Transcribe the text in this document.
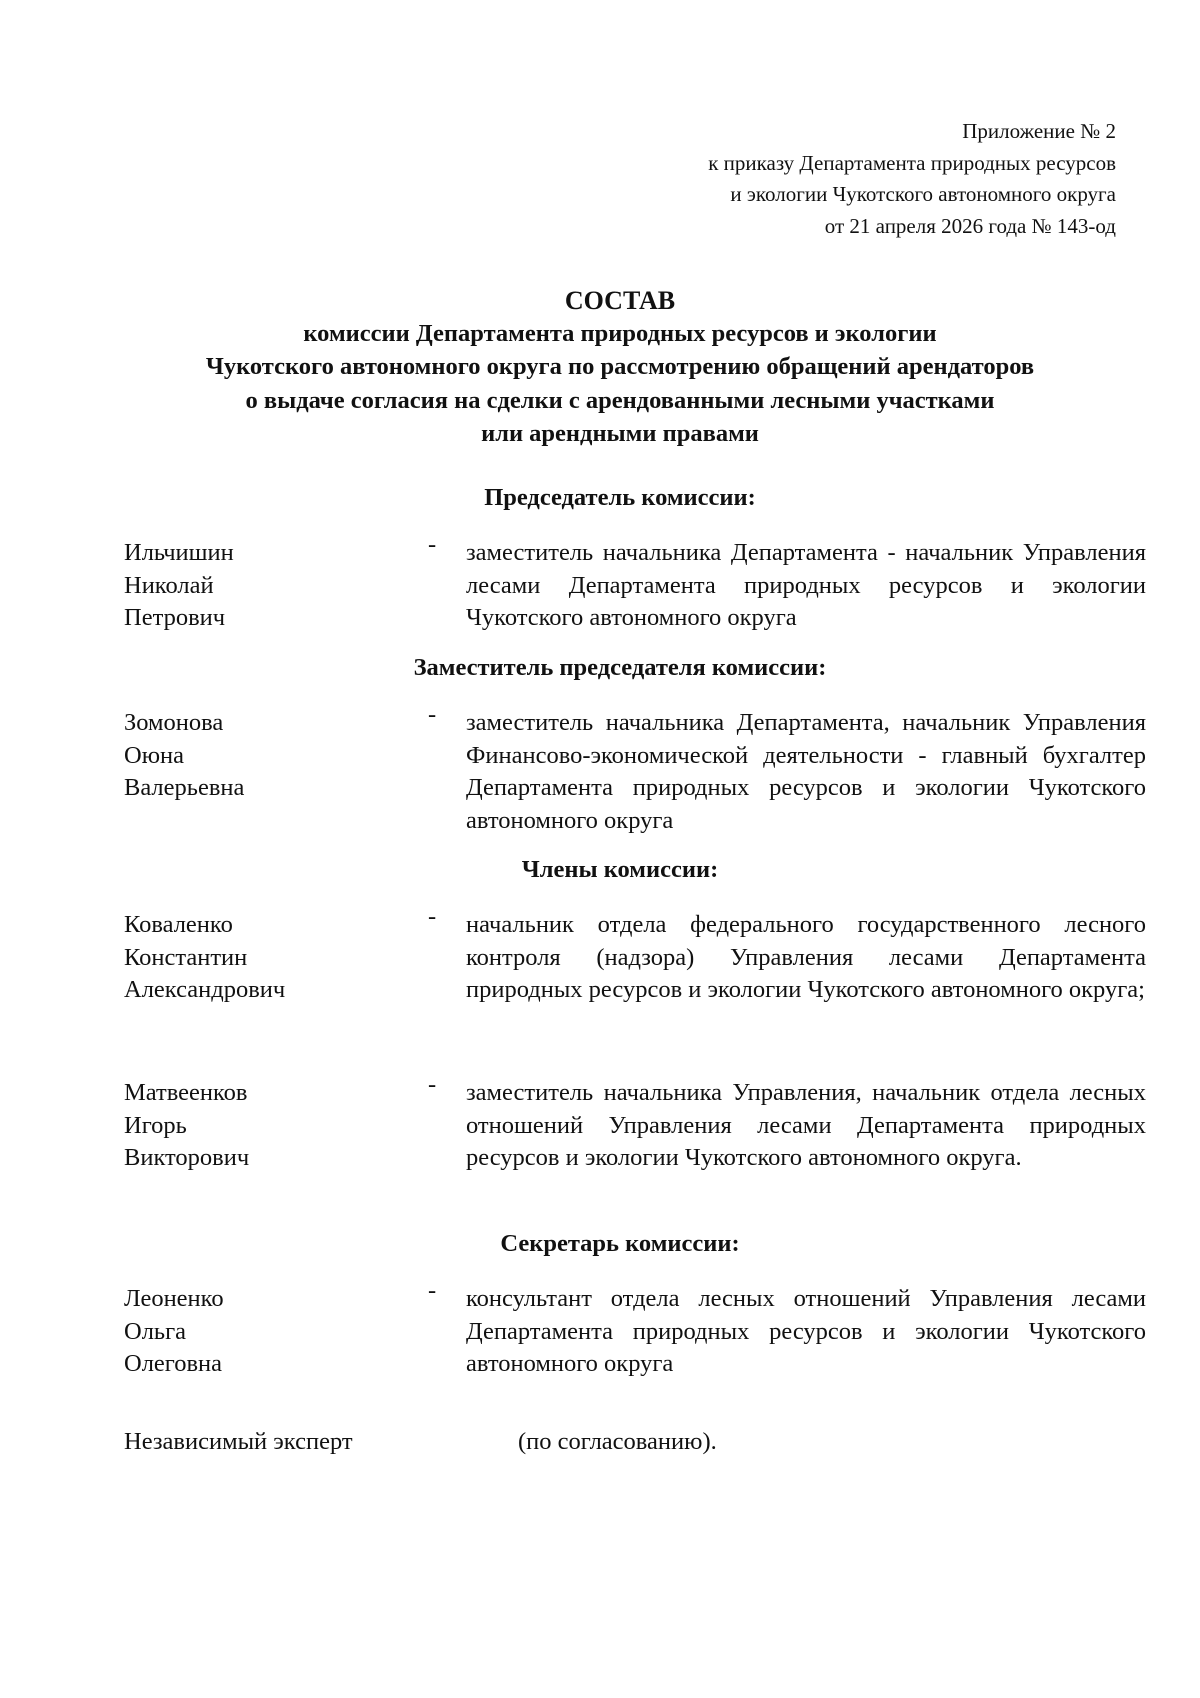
Приложение № 2
к приказу Департамента природных ресурсов
и экологии Чукотского автономного округа
от 21 апреля 2026 года № 143-од
СОСТАВ
комиссии Департамента природных ресурсов и экологии
Чукотского автономного округа по рассмотрению обращений арендаторов
о выдаче согласия на сделки с арендованными лесными участками
или арендными правами
Председатель комиссии:
Ильчишин
Николай
Петрович
- заместитель начальника Департамента - начальник Управления лесами Департамента природных ресурсов и экологии Чукотского автономного округа
Заместитель председателя комиссии:
Зомонова
Оюна
Валерьевна
- заместитель начальника Департамента, начальник Управления Финансово-экономической деятельности - главный бухгалтер Департамента природных ресурсов и экологии Чукотского автономного округа
Члены комиссии:
Коваленко
Константин
Александрович
- начальник отдела федерального государственного лесного контроля (надзора) Управления лесами Департамента природных ресурсов и экологии Чукотского автономного округа;
Матвеенков
Игорь
Викторович
- заместитель начальника Управления, начальник отдела лесных отношений Управления лесами Департамента природных ресурсов и экологии Чукотского автономного округа.
Секретарь комиссии:
Леоненко
Ольга
Олеговна
- консультант отдела лесных отношений Управления лесами Департамента природных ресурсов и экологии Чукотского автономного округа
Независимый эксперт	(по согласованию).
